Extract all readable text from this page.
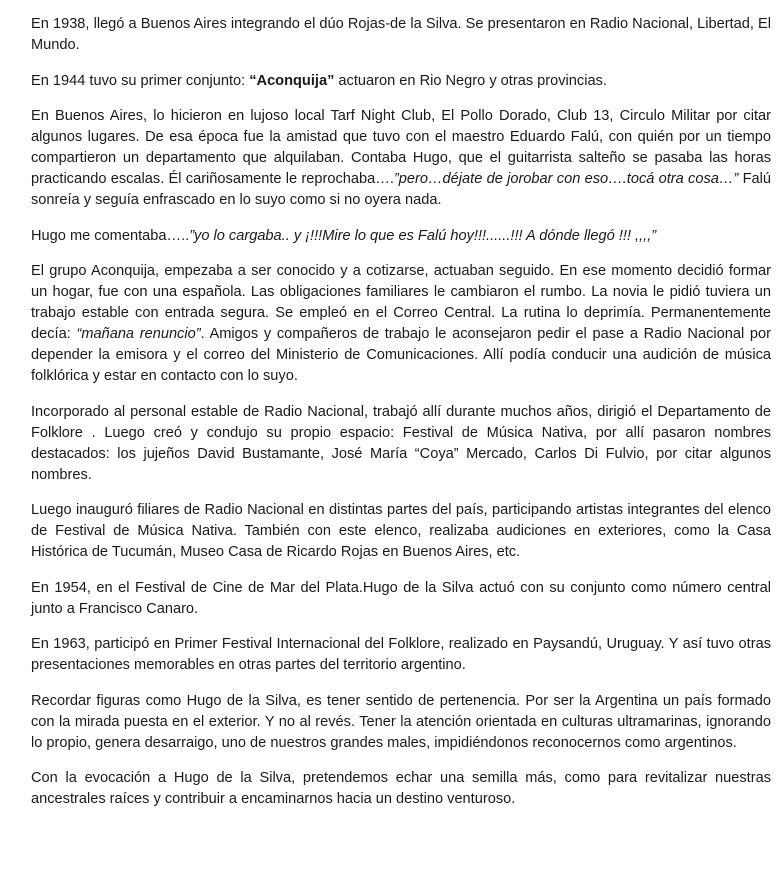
En 1938, llegó a Buenos Aires integrando el dúo Rojas-de la Silva. Se presentaron en Radio Nacional, Libertad, El Mundo.

En 1944 tuvo su primer conjunto: “Aconquija” actuaron en Rio Negro y otras provincias.

En Buenos Aires, lo hicieron en lujoso local Tarf Night Club, El Pollo Dorado, Club 13, Circulo Militar por citar algunos lugares. De esa época fue la amistad que tuvo con el maestro Eduardo Falú, con quién por un tiempo compartieron un departamento que alquilaban. Contaba Hugo, que el guitarrista salteño se pasaba las horas practicando escalas. Él cariñosamente le reprochaba….”pero…déjate de jorobar con eso….tocá otra cosa…” Falú sonreía y seguía enfrascado en lo suyo como si no oyera nada.

Hugo me comentaba…..”yo lo cargaba.. y ¡!!!Mire lo que es Falú hoy!!!......!!! A dónde llegó !!! ,,,,”

El grupo Aconquija, empezaba a ser conocido y a cotizarse, actuaban seguido. En ese momento decidió formar un hogar, fue con una española. Las obligaciones familiares le cambiaron el rumbo. La novia le pidió tuviera un trabajo estable con entrada segura. Se empleó en el Correo Central. La rutina lo deprimía. Permanentemente decía: “mañana renuncio”. Amigos y compañeros de trabajo le aconsejaron pedir el pase a Radio Nacional por depender la emisora y el correo del Ministerio de Comunicaciones. Allí podía conducir una audición de música folklórica y estar en contacto con lo suyo.

Incorporado al personal estable de Radio Nacional, trabajó allí durante muchos años, dirigió el Departamento de Folklore . Luego creó y condujo su propio espacio: Festival de Música Nativa, por allí pasaron nombres destacados: los jujeños David Bustamante, José María “Coya” Mercado, Carlos Di Fulvio, por citar algunos nombres.

Luego inauguró filiares de Radio Nacional en distintas partes del país, participando artistas integrantes del elenco de Festival de Música Nativa. También con este elenco, realizaba audiciones en exteriores, como la Casa Histórica de Tucumán, Museo Casa de Ricardo Rojas en Buenos Aires, etc.

En 1954, en el Festival de Cine de Mar del Plata.Hugo de la Silva actuó con su conjunto como número central junto a Francisco Canaro.

En 1963, participó en Primer Festival Internacional del Folklore, realizado en Paysandú, Uruguay. Y así tuvo otras presentaciones memorables en otras partes del territorio argentino.

Recordar figuras como Hugo de la Silva, es tener sentido de pertenencia. Por ser la Argentina un país formado con la mirada puesta en el exterior. Y no al revés. Tener la atención orientada en culturas ultramarinas, ignorando lo propio, genera desarraigo, uno de nuestros grandes males, impidiéndonos reconocernos como argentinos.

Con la evocación a Hugo de la Silva, pretendemos echar una semilla más, como para revitalizar nuestras ancestrales raíces y contribuir a encaminarnos hacia un destino venturoso.
